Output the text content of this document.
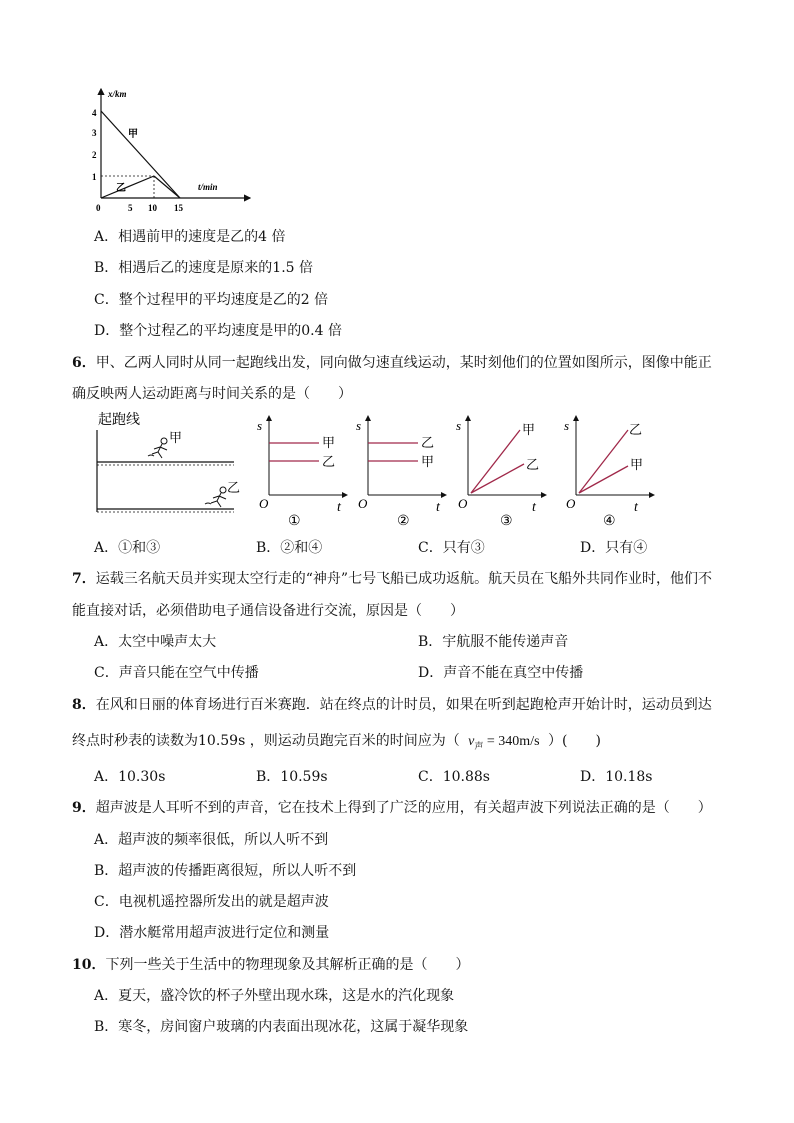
x/km
t/min
4
3
2
1
0	5 10 15
甲
乙
A．相遇前甲的速度是乙的4 倍
B．相遇后乙的速度是原来的1.5 倍
C．整个过程甲的平均速度是乙的2 倍
D．整个过程乙的平均速度是甲的0.4 倍
6．甲、乙两人同时从同一起跑线出发，同向做匀速直线运动，某时刻他们的位置如图所示，图像中能正
确反映两人运动距离与时间关系的是（　　）
起跑线
甲
乙
s
t
O
甲
乙
①
s
t
O
乙
甲
②
s
t
O
甲
乙
③
s
t
O
乙
甲
④
A．①和③	B．②和④	C．只有③	D．只有④
7．运载三名航天员并实现太空行走的“神舟”七号飞船已成功返航。航天员在飞船外共同作业时，他们不
能直接对话，必须借助电子通信设备进行交流，原因是（　　）
A．太空中噪声太大	B．宇航服不能传递声音
C．声音只能在空气中传播	D．声音不能在真空中传播
8．在风和日丽的体育场进行百米赛跑．站在终点的计时员，如果在听到起跑枪声开始计时，运动员到达
终点时秒表的读数为10.59s ，则运动员跑完百米的时间应为（ $v_声 = 340m/s$ ）(　　)
A．10.30s	B．10.59s	C．10.88s	D．10.18s
9．超声波是人耳听不到的声音，它在技术上得到了广泛的应用，有关超声波下列说法正确的是（　　）
A．超声波的频率很低，所以人听不到
B．超声波的传播距离很短，所以人听不到
C．电视机遥控器所发出的就是超声波
D．潜水艇常用超声波进行定位和测量
10．下列一些关于生活中的物理现象及其解析正确的是（　　）
A．夏天，盛冷饮的杯子外壁出现水珠，这是水的汽化现象
B．寒冬，房间窗户玻璃的内表面出现冰花，这属于凝华现象
